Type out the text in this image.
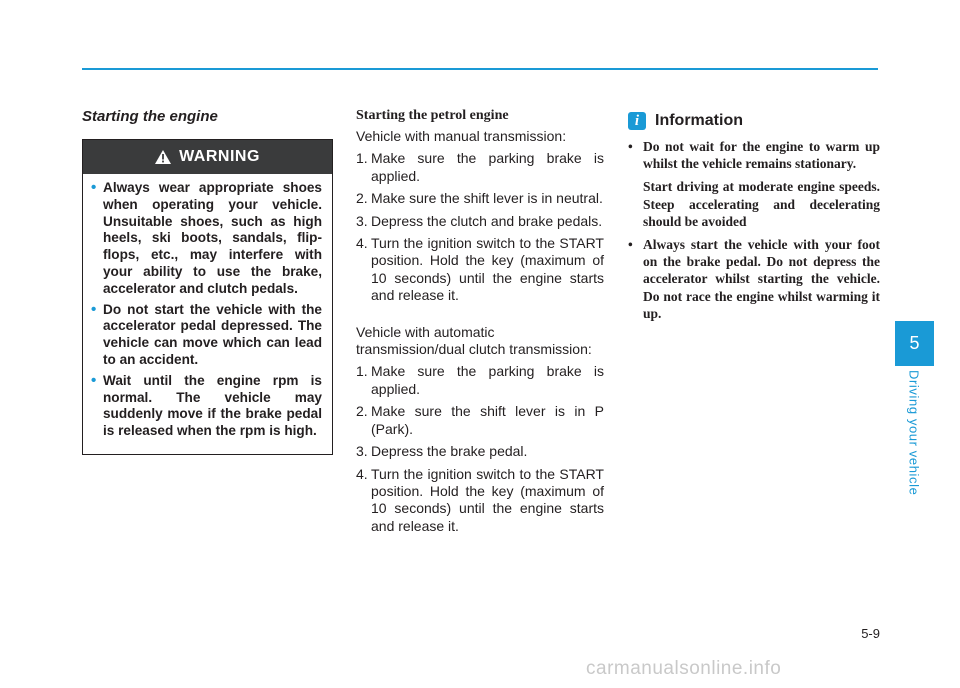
Starting the engine
WARNING
• Always wear appropriate shoes when operating your vehicle. Unsuitable shoes, such as high heels, ski boots, sandals, flip-flops, etc., may interfere with your ability to use the brake, accelerator and clutch pedals.
• Do not start the vehicle with the accelerator pedal depressed. The vehicle can move which can lead to an accident.
• Wait until the engine rpm is normal. The vehicle may suddenly move if the brake pedal is released when the rpm is high.
Starting the petrol engine

Vehicle with manual transmission:

1. Make sure the parking brake is applied.
2. Make sure the shift lever is in neutral.
3. Depress the clutch and brake pedals.
4. Turn the ignition switch to the START position. Hold the key (maximum of 10 seconds) until the engine starts and release it.

Vehicle with automatic transmission/dual clutch transmission:

1. Make sure the parking brake is applied.
2. Make sure the shift lever is in P (Park).
3. Depress the brake pedal.
4. Turn the ignition switch to the START position. Hold the key (maximum of 10 seconds) until the engine starts and release it.
i Information

• Do not wait for the engine to warm up whilst the vehicle remains stationary.

Start driving at moderate engine speeds. Steep accelerating and decelerating should be avoided

• Always start the vehicle with your foot on the brake pedal. Do not depress the accelerator whilst starting the vehicle. Do not race the engine whilst warming it up.

5
Driving your vehicle
5-9
carmanualsonline.info
